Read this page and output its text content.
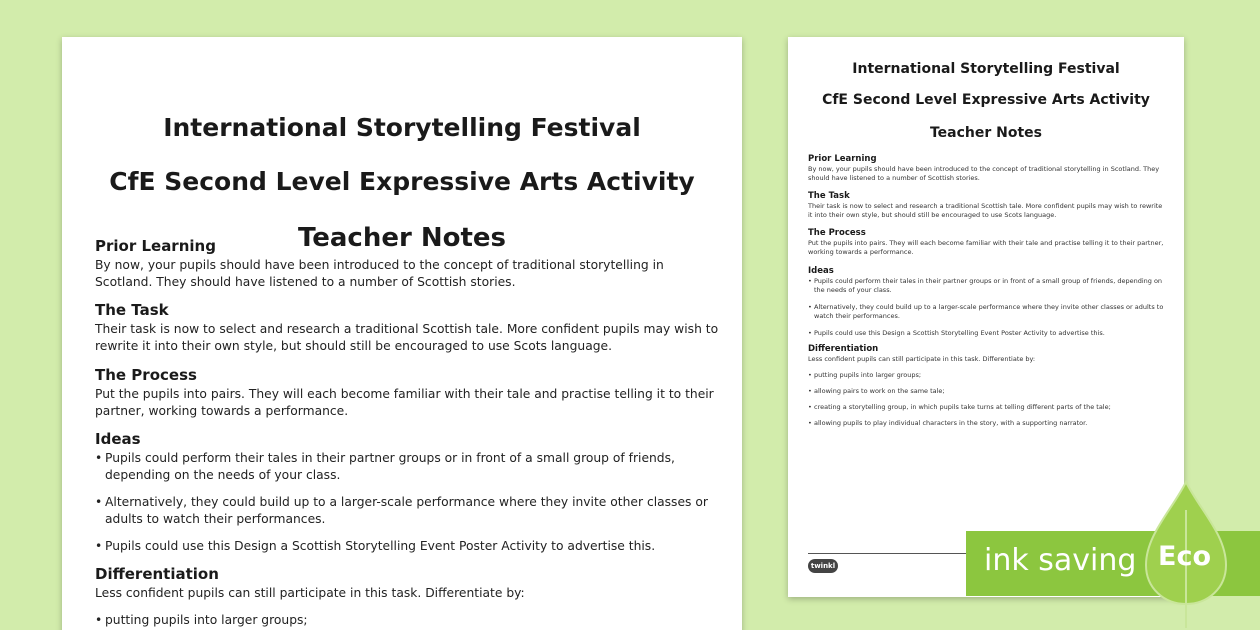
International Storytelling Festival
CfE Second Level Expressive Arts Activity
Teacher Notes
Prior Learning
By now, your pupils should have been introduced to the concept of traditional storytelling in Scotland. They should have listened to a number of Scottish stories.
The Task
Their task is now to select and research a traditional Scottish tale. More confident pupils may wish to rewrite it into their own style, but should still be encouraged to use Scots language.
The Process
Put the pupils into pairs. They will each become familiar with their tale and practise telling it to their partner, working towards a performance.
Ideas
• Pupils could perform their tales in their partner groups or in front of a small group of friends, depending on the needs of your class.
• Alternatively, they could build up to a larger-scale performance where they invite other classes or adults to watch their performances.
• Pupils could use this Design a Scottish Storytelling Event Poster Activity to advertise this.
Differentiation
Less confident pupils can still participate in this task. Differentiate by:
• putting pupils into larger groups;
International Storytelling Festival
CfE Second Level Expressive Arts Activity
Teacher Notes
Prior Learning
By now, your pupils should have been introduced to the concept of traditional storytelling in Scotland. They should have listened to a number of Scottish stories.
The Task
Their task is now to select and research a traditional Scottish tale. More confident pupils may wish to rewrite it into their own style, but should still be encouraged to use Scots language.
The Process
Put the pupils into pairs. They will each become familiar with their tale and practise telling it to their partner, working towards a performance.
Ideas
• Pupils could perform their tales in their partner groups or in front of a small group of friends, depending on the needs of your class.
• Alternatively, they could build up to a larger-scale performance where they invite other classes or adults to watch their performances.
• Pupils could use this Design a Scottish Storytelling Event Poster Activity to advertise this.
Differentiation
Less confident pupils can still participate in this task. Differentiate by:
• putting pupils into larger groups;
• allowing pairs to work on the same tale;
• creating a storytelling group, in which pupils take turns at telling different parts of the tale;
• allowing pupils to play individual characters in the story, with a supporting narrator.
twinkl	ink saving Eco
